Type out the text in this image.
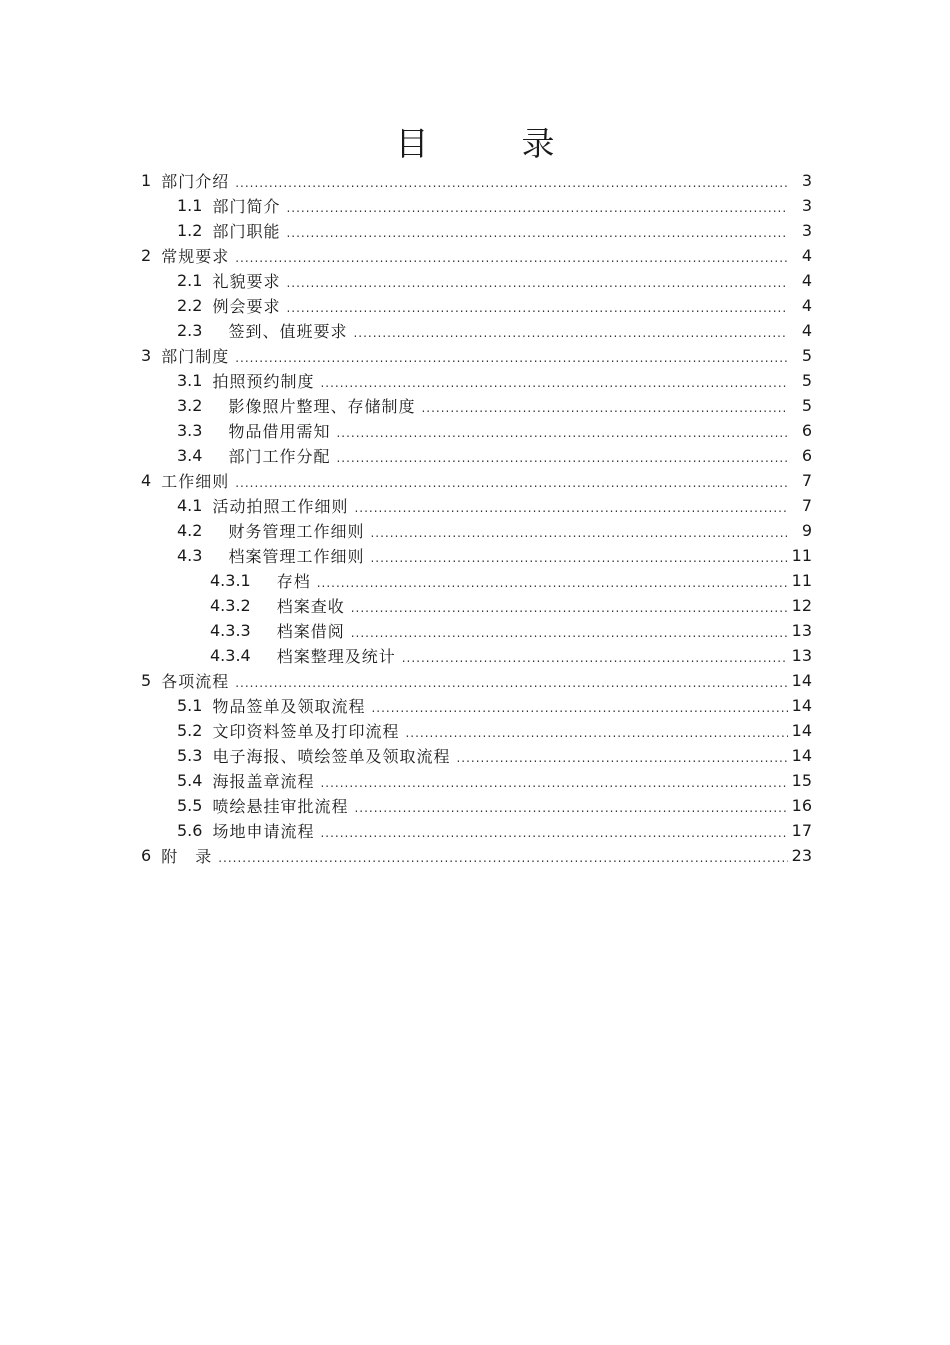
目　录
1 部门介绍 .....	3
1.1 部门简介 .....	3
1.2 部门职能 .....	3
2 常规要求 .....	4
2.1 礼貌要求 .....	4
2.2 例会要求 .....	4
2.3 签到、值班要求 .....	4
3 部门制度 .....	5
3.1 拍照预约制度 .....	5
3.2 影像照片整理、存储制度 .....	5
3.3 物品借用需知 .....	6
3.4 部门工作分配 .....	6
4 工作细则 .....	7
4.1 活动拍照工作细则 .....	7
4.2 财务管理工作细则 .....	9
4.3 档案管理工作细则 .....	11
4.3.1 存档 .....	11
4.3.2 档案查收 .....	12
4.3.3 档案借阅 .....	13
4.3.4 档案整理及统计 .....	13
5 各项流程 .....	14
5.1 物品签单及领取流程 .....	14
5.2 文印资料签单及打印流程 .....	14
5.3 电子海报、喷绘签单及领取流程 .....	14
5.4 海报盖章流程 .....	15
5.5 喷绘悬挂审批流程 .....	16
5.6 场地申请流程 .....	17
6 附　录 .....	23
